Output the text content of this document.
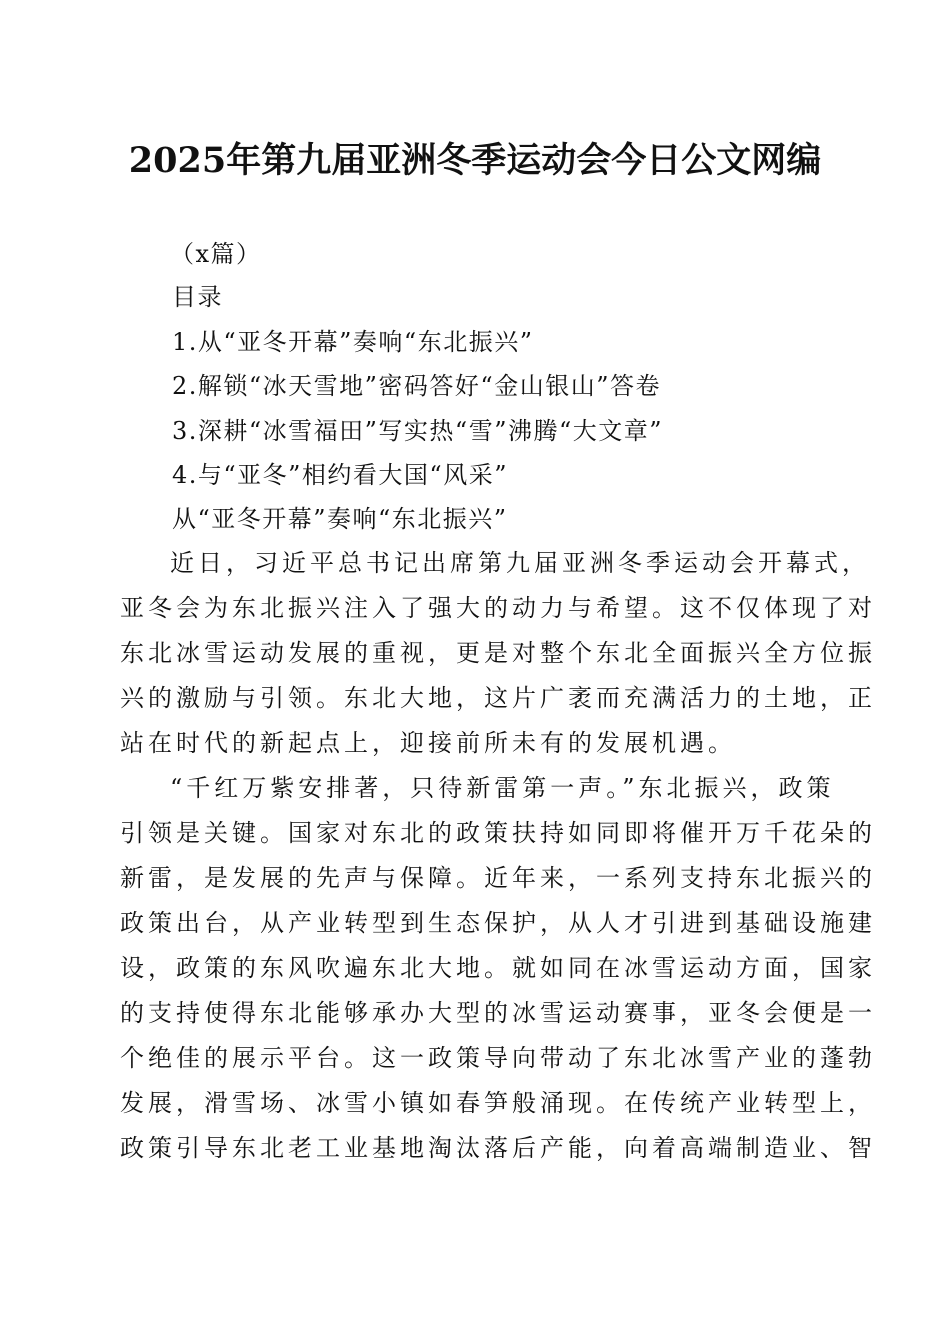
2025年第九届亚洲冬季运动会今日公文网编
（x篇）
目录
1.从“亚冬开幕”奏响“东北振兴”
2.解锁“冰天雪地”密码答好“金山银山”答卷
3.深耕“冰雪福田”写实热“雪”沸腾“大文章”
4.与“亚冬”相约看大国“风采”
从“亚冬开幕”奏响“东北振兴”
近日，习近平总书记出席第九届亚洲冬季运动会开幕式，
亚冬会为东北振兴注入了强大的动力与希望。这不仅体现了对
东北冰雪运动发展的重视，更是对整个东北全面振兴全方位振
兴的激励与引领。东北大地，这片广袤而充满活力的土地，正
站在时代的新起点上，迎接前所未有的发展机遇。
“千红万紫安排著，只待新雷第一声。”东北振兴，政策
引领是关键。国家对东北的政策扶持如同即将催开万千花朵的
新雷，是发展的先声与保障。近年来，一系列支持东北振兴的
政策出台，从产业转型到生态保护，从人才引进到基础设施建
设，政策的东风吹遍东北大地。就如同在冰雪运动方面，国家
的支持使得东北能够承办大型的冰雪运动赛事，亚冬会便是一
个绝佳的展示平台。这一政策导向带动了东北冰雪产业的蓬勃
发展，滑雪场、冰雪小镇如春笋般涌现。在传统产业转型上，
政策引导东北老工业基地淘汰落后产能，向着高端制造业、智
